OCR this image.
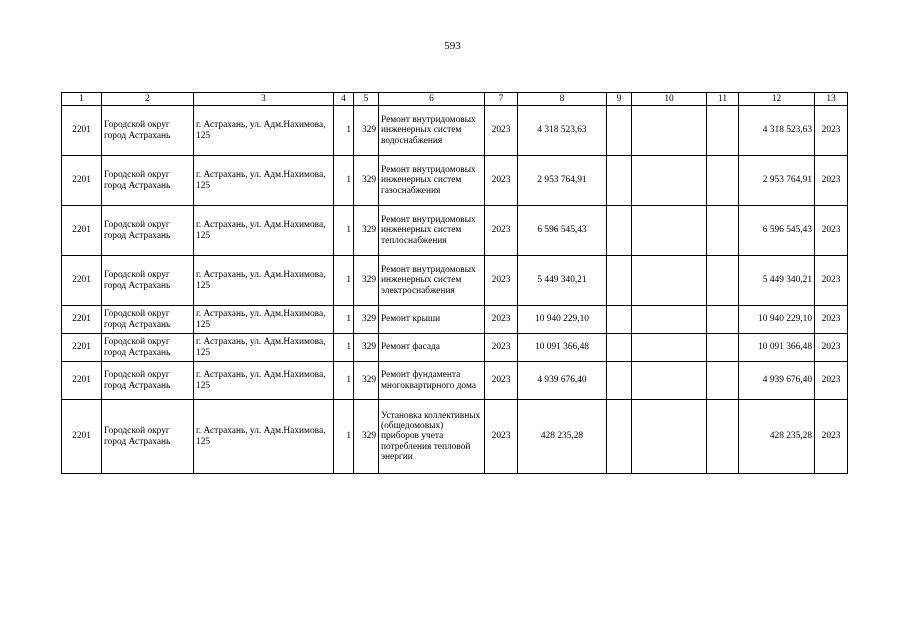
593
1	2	3	4	5	6	7	8	9	10	11	12	13
2201	Городской округ город Астрахань	г. Астрахань, ул. Адм.Нахимова, 125	1	329	Ремонт внутридомовых инженерных систем водоснабжения	2023	4 318 523,63				4 318 523,63	2023
2201	Городской округ город Астрахань	г. Астрахань, ул. Адм.Нахимова, 125	1	329	Ремонт внутридомовых инженерных систем газоснабжения	2023	2 953 764,91				2 953 764,91	2023
2201	Городской округ город Астрахань	г. Астрахань, ул. Адм.Нахимова, 125	1	329	Ремонт внутридомовых инженерных систем теплоснабжения	2023	6 596 545,43				6 596 545,43	2023
2201	Городской округ город Астрахань	г. Астрахань, ул. Адм.Нахимова, 125	1	329	Ремонт внутридомовых инженерных систем электроснабжения	2023	5 449 340,21				5 449 340,21	2023
2201	Городской округ город Астрахань	г. Астрахань, ул. Адм.Нахимова, 125	1	329	Ремонт крыши	2023	10 940 229,10				10 940 229,10	2023
2201	Городской округ город Астрахань	г. Астрахань, ул. Адм.Нахимова, 125	1	329	Ремонт фасада	2023	10 091 366,48				10 091 366,48	2023
2201	Городской округ город Астрахань	г. Астрахань, ул. Адм.Нахимова, 125	1	329	Ремонт фундамента многоквартирного дома	2023	4 939 676,40				4 939 676,40	2023
2201	Городской округ город Астрахань	г. Астрахань, ул. Адм.Нахимова, 125	1	329	Установка коллективных (общедомовых) приборов учета потребления тепловой энергии	2023	428 235,28				428 235,28	2023
